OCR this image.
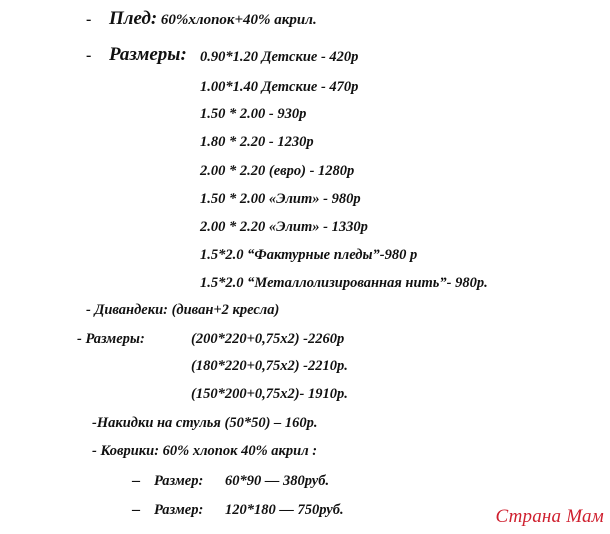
- Плед: 60%хлопок+40% акрил.
- Размеры: 0.90*1.20 Детские - 420р
1.00*1.40 Детские - 470р
1.50 * 2.00 - 930р
1.80 * 2.20 - 1230р
2.00 * 2.20 (евро) - 1280р
1.50 * 2.00 «Элит» - 980р
2.00 * 2.20 «Элит» - 1330р
1.5*2.0 “Фактурные пледы”-980 р
1.5*2.0 “Металлолизированная нить”- 980р.
- Дивандеки: (диван+2 кресла)
- Размеры:	(200*220+0,75х2) -2260р
(180*220+0,75х2) -2210р.
(150*200+0,75х2)- 1910р.
-Накидки на стулья (50*50) – 160р.
- Коврики: 60% хлопок 40% акрил :
– Размер: 60*90 — 380руб.
– Размер: 120*180 — 750руб.	Страна Мам
